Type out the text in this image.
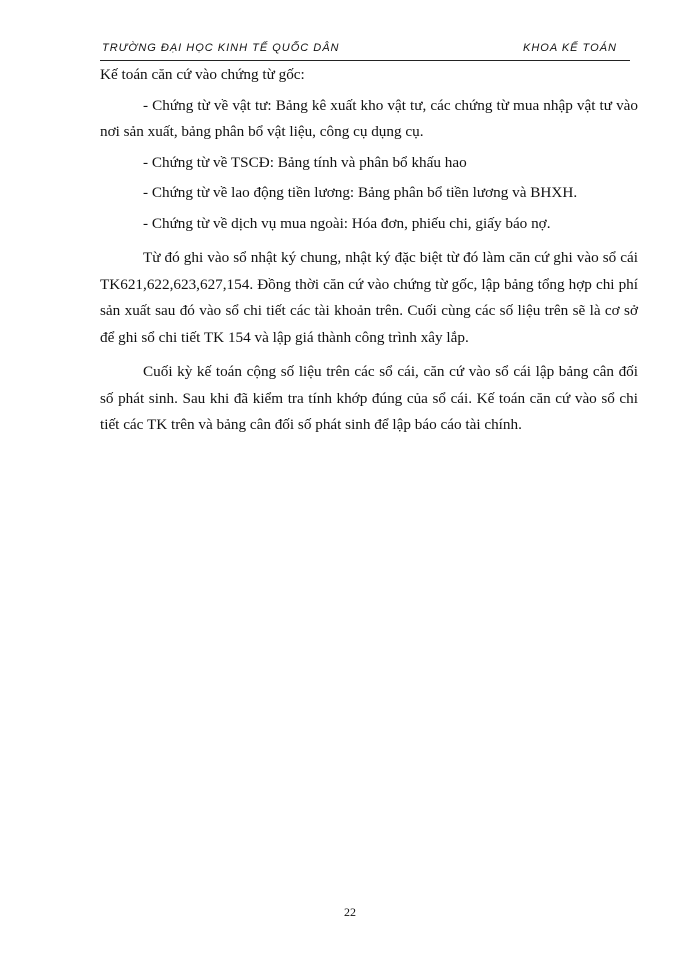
TRƯỜNG ĐẠI HỌC KINH TẾ QUỐC DÂN	KHOA KẾ TOÁN

Kế toán căn cứ vào chứng từ gốc:

- Chứng từ về vật tư: Bảng kê xuất kho vật tư, các chứng từ mua nhập vật tư vào nơi sản xuất, bảng phân bổ vật liệu, công cụ dụng cụ.

- Chứng từ về TSCĐ: Bảng tính và phân bổ khấu hao

- Chứng từ về lao động tiền lương: Bảng phân bổ tiền lương và BHXH.

- Chứng từ về dịch vụ mua ngoài: Hóa đơn, phiếu chi, giấy báo nợ.

Từ đó ghi vào sổ nhật ký chung, nhật ký đặc biệt từ đó làm căn cứ ghi vào sổ cái TK621,622,623,627,154. Đồng thời căn cứ vào chứng từ gốc, lập bảng tổng hợp chi phí sản xuất sau đó vào sổ chi tiết các tài khoản trên. Cuối cùng các số liệu trên sẽ là cơ sở để ghi sổ chi tiết TK 154 và lập giá thành công trình xây lắp.

Cuối kỳ kế toán cộng số liệu trên các sổ cái, căn cứ vào sổ cái lập bảng cân đối số phát sinh. Sau khi đã kiểm tra tính khớp đúng của sổ cái. Kế toán căn cứ vào sổ chi tiết các TK trên và bảng cân đối số phát sinh để lập báo cáo tài chính.

22
